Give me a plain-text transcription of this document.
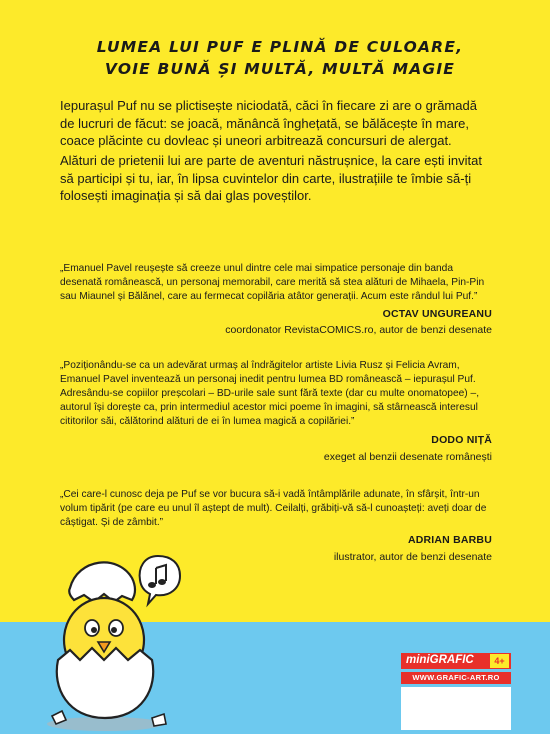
LUMEA LUI PUF E PLINĂ DE CULOARE,
VOIE BUNĂ ȘI MULTĂ, MULTĂ MAGIE

Iepurașul Puf nu se plictisește niciodată, căci în fiecare zi are o grămadă de lucruri de făcut: se joacă, mănâncă înghețată, se bălăcește în mare, coace plăcinte cu dovleac și uneori arbitrează concursuri de alergat.

Alături de prietenii lui are parte de aventuri năstrușnice, la care ești invitat să participi și tu, iar, în lipsa cuvintelor din carte, ilustrațiile te îmbie să-ți folosești imaginația și să dai glas poveștilor.

„Emanuel Pavel reușește să creeze unul dintre cele mai simpatice personaje din banda desenată românească, un personaj memorabil, care merită să stea alături de Mihaela, Pin-Pin sau Miaunel și Bălănel, care au fermecat copilăria atâtor generații. Acum este rândul lui Puf.”

OCTAV UNGUREANU
coordonator RevistaCOMICS.ro, autor de benzi desenate

„Poziționându-se ca un adevărat urmaș al îndrăgitelor artiste Livia Rusz și Felicia Avram, Emanuel Pavel inventează un personaj inedit pentru lumea BD românească – iepurașul Puf. Adresându-se copiilor preșcolari – BD-urile sale sunt fără texte (dar cu multe onomatopee) –, autorul își dorește ca, prin intermediul acestor mici poeme în imagini, să stârnească interesul cititorilor săi, călătorind alături de ei în lumea magică a copilăriei.”

DODO NIȚĂ
exeget al benzii desenate românești

„Cei care-l cunosc deja pe Puf se vor bucura să-i vadă întâmplările adunate, în sfârșit, într-un volum tipărit (pe care eu unul îl aștept de mult). Ceilalți, grăbiți-vă să-l cunoașteți: aveți doar de câștigat. Și de zâmbit.”

ADRIAN BARBU
ilustrator, autor de benzi desenate
miniGRAFIC	4+
WWW.GRAFIC-ART.RO
